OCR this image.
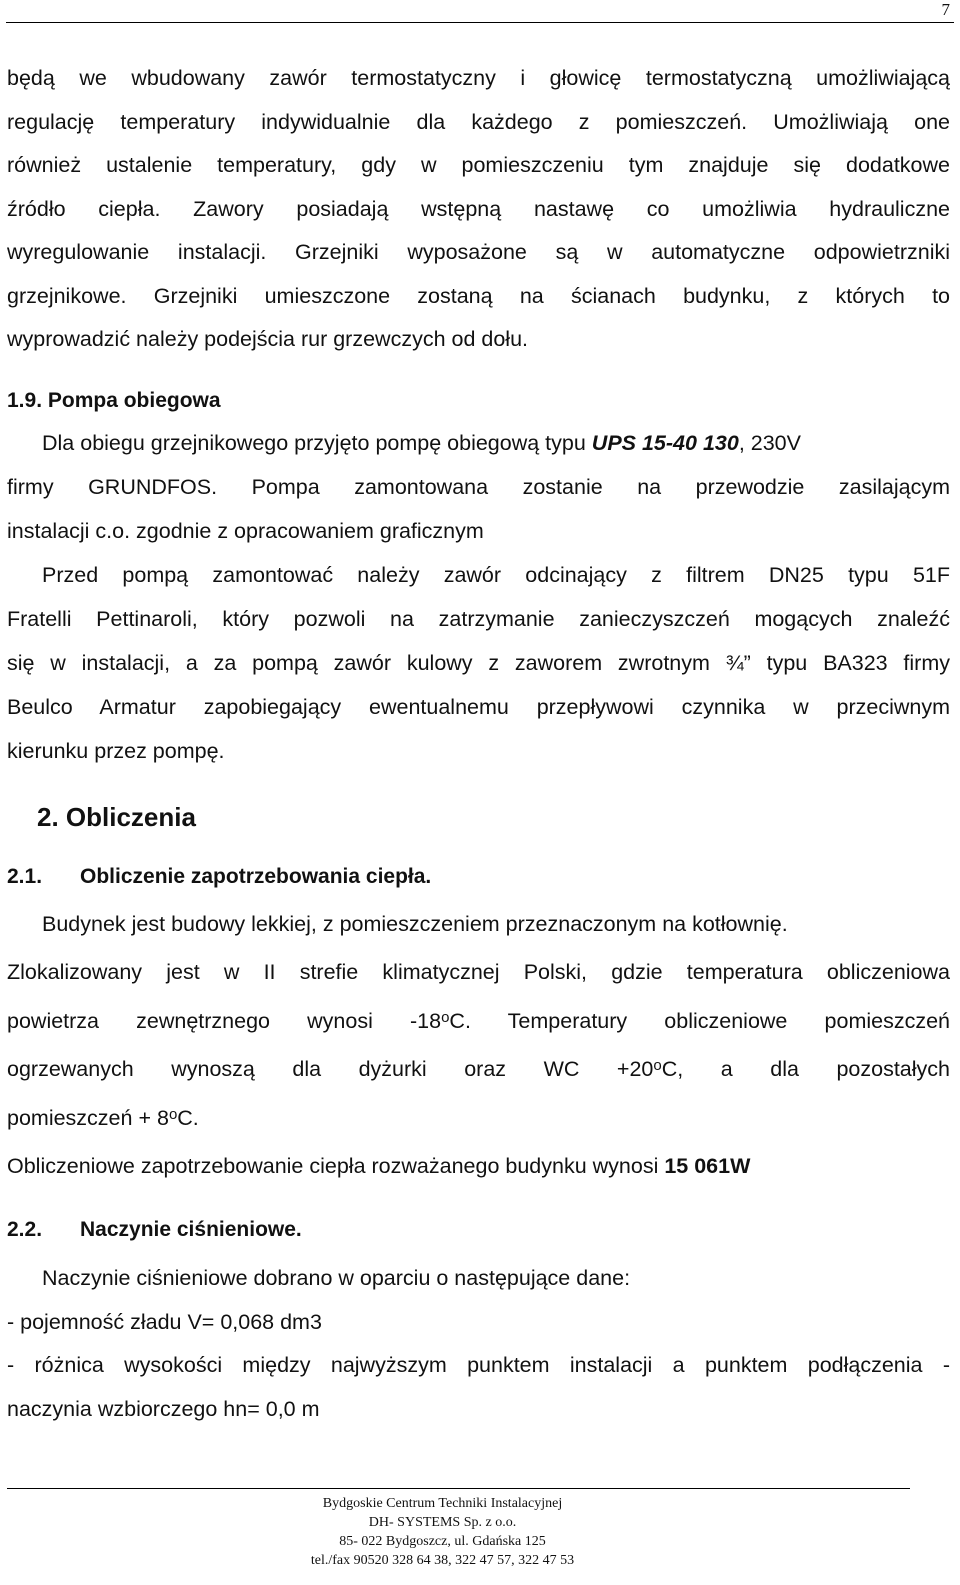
7

będą we wbudowany zawór termostatyczny i głowicę termostatyczną umożliwiającą

regulację temperatury indywidualnie dla każdego z pomieszczeń. Umożliwiają one

również ustalenie temperatury, gdy w pomieszczeniu tym znajduje się dodatkowe

źródło ciepła. Zawory posiadają wstępną nastawę co umożliwia hydrauliczne

wyregulowanie instalacji. Grzejniki wyposażone są w automatyczne odpowietrzniki

grzejnikowe. Grzejniki umieszczone zostaną na ścianach budynku, z których to

wyprowadzić należy podejścia rur grzewczych od dołu.

1.9. Pompa obiegowa

Dla obiegu grzejnikowego przyjęto pompę obiegową typu UPS 15-40 130, 230V

firmy GRUNDFOS. Pompa zamontowana zostanie na przewodzie zasilającym

instalacji c.o. zgodnie z opracowaniem graficznym

Przed pompą zamontować należy zawór odcinający z filtrem DN25 typu 51F

Fratelli Pettinaroli, który pozwoli na zatrzymanie zanieczyszczeń mogących znaleźć

się w instalacji, a za pompą zawór kulowy z zaworem zwrotnym ¾” typu BA323 firmy

Beulco Armatur zapobiegający ewentualnemu przepływowi czynnika w przeciwnym

kierunku przez pompę.

2. Obliczenia
2.1. Obliczenie zapotrzebowania ciepła.

Budynek jest budowy lekkiej, z pomieszczeniem przeznaczonym na kotłownię.

Zlokalizowany jest w II strefie klimatycznej Polski, gdzie temperatura obliczeniowa

powietrza zewnętrznego wynosi -18$^o$C. Temperatury obliczeniowe pomieszczeń

ogrzewanych wynoszą dla dyżurki oraz WC $+20^oC$, a dla pozostałych

pomieszczeń + $8^oC$.

Obliczeniowe zapotrzebowanie ciepła rozważanego budynku wynosi 15 061W

2.2. Naczynie ciśnieniowe.

Naczynie ciśnieniowe dobrano w oparciu o następujące dane:

- pojemność zładu V= 0,068 dm3

- różnica wysokości między najwyższym punktem instalacji a punktem podłączenia -

naczynia wzbiorczego hn= 0,0 m

Bydgoskie Centrum Techniki Instalacyjnej
DH- SYSTEMS Sp. z o.o.
85- 022 Bydgoszcz, ul. Gdańska 125
tel./fax 90520 328 64 38, 322 47 57, 322 47 53
